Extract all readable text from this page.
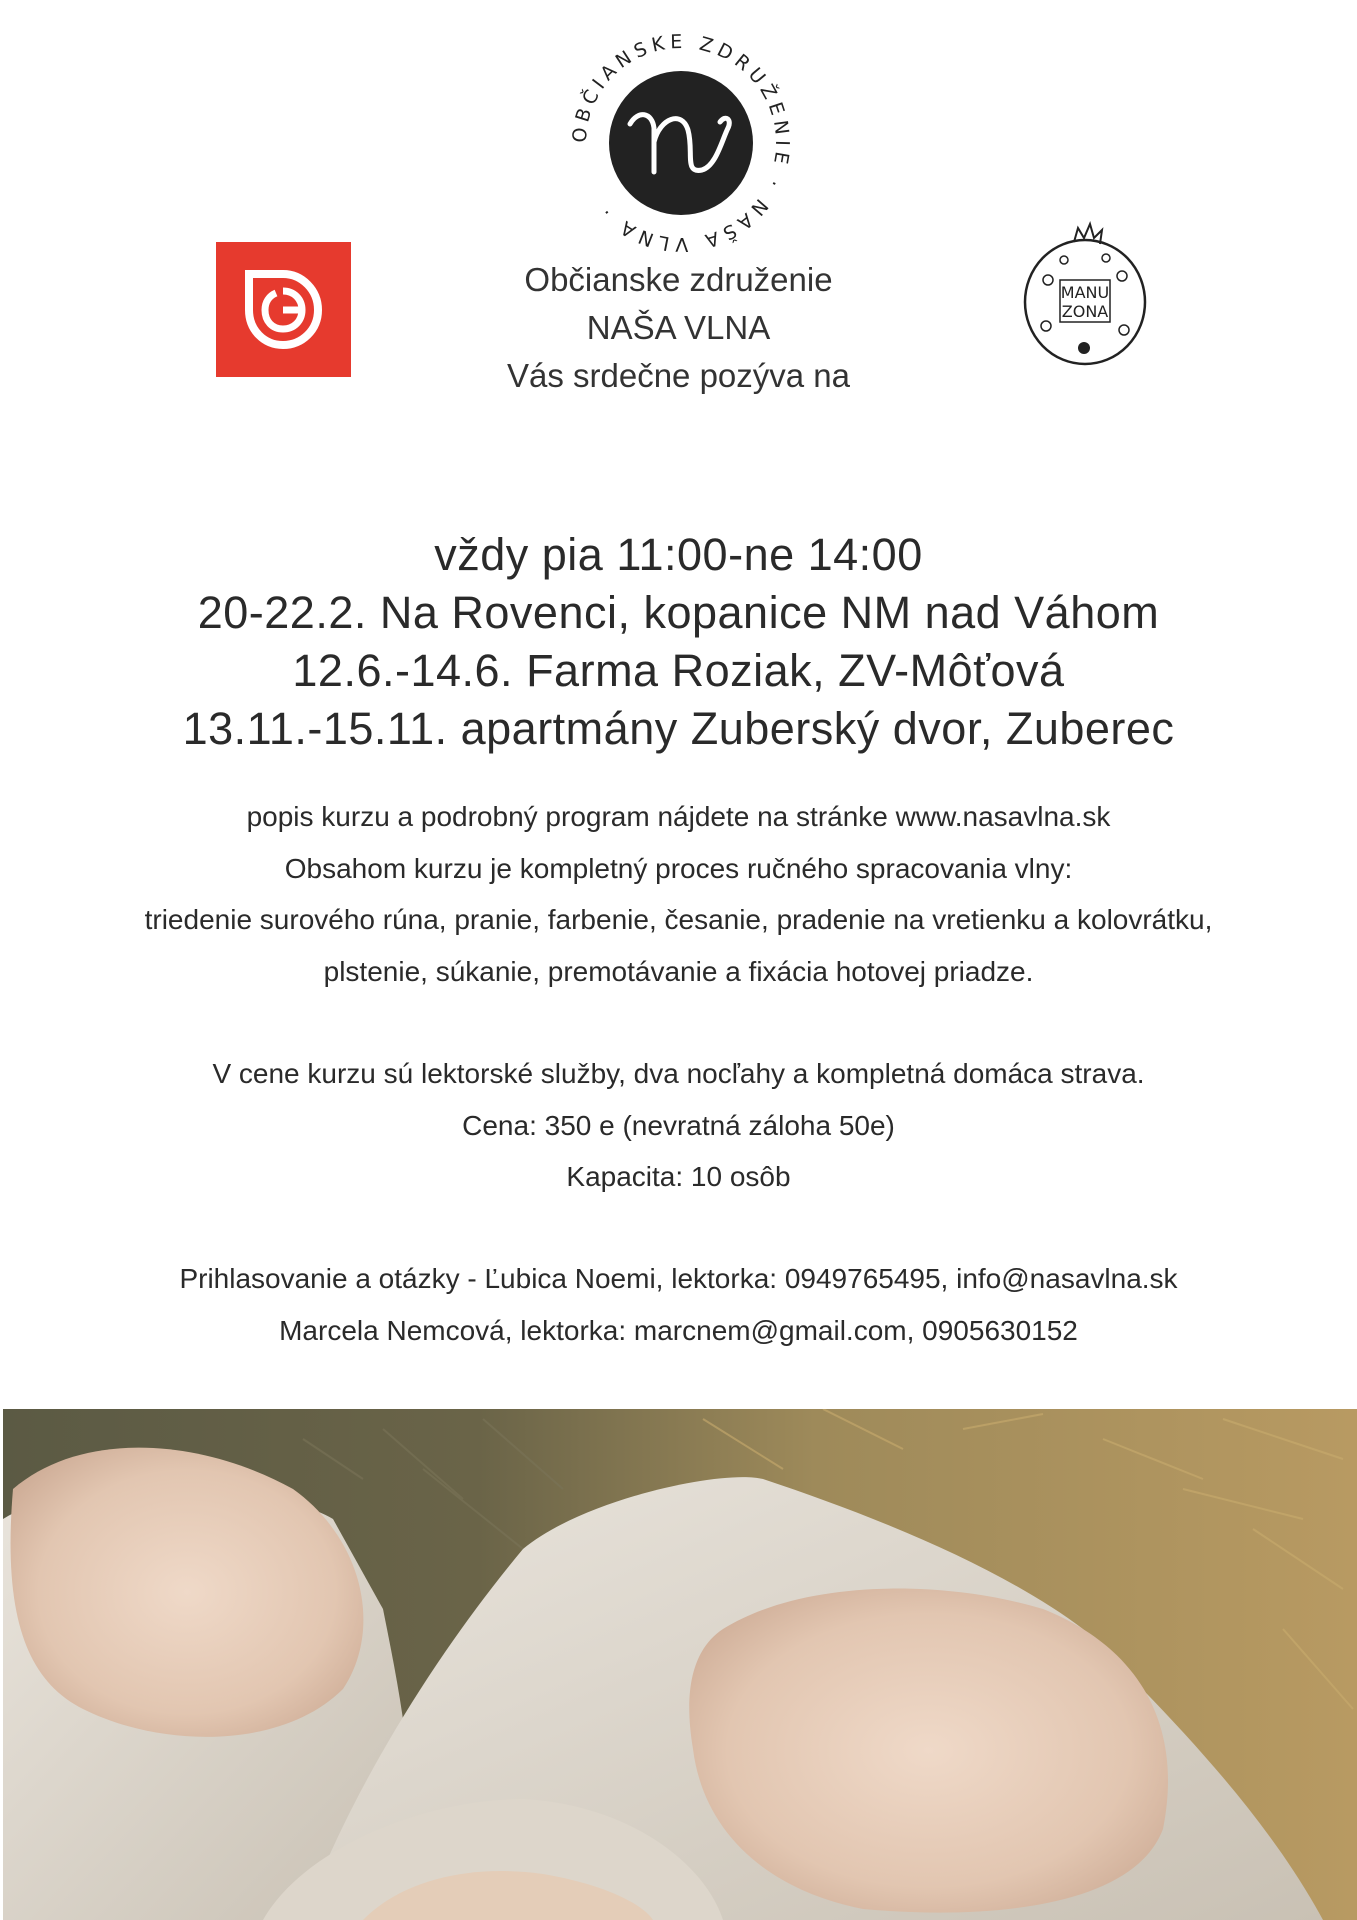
OBČIANSKE ZDRUŽENIE · NAŠA VLNA ·
MANU
ZONA
Občianske združenie
NAŠA VLNA
Vás srdečne pozýva na
vždy pia 11:00-ne 14:00
20-22.2. Na Rovenci, kopanice NM nad Váhom
12.6.-14.6. Farma Roziak, ZV-Môťová
13.11.-15.11. apartmány Zuberský dvor, Zuberec
popis kurzu a podrobný program nájdete na stránke www.nasavlna.sk
Obsahom kurzu je kompletný proces ručného spracovania vlny:
triedenie surového rúna, pranie, farbenie, česanie, pradenie na vretienku a kolovrátku,
plstenie, súkanie, premotávanie a fixácia hotovej priadze.
V cene kurzu sú lektorské služby, dva nocľahy a kompletná domáca strava.
Cena: 350 e (nevratná záloha 50e)
Kapacita: 10 osôb
Prihlasovanie a otázky - Ľubica Noemi, lektorka: 0949765495, info@nasavlna.sk
Marcela Nemcová, lektorka: marcnem@gmail.com, 0905630152
